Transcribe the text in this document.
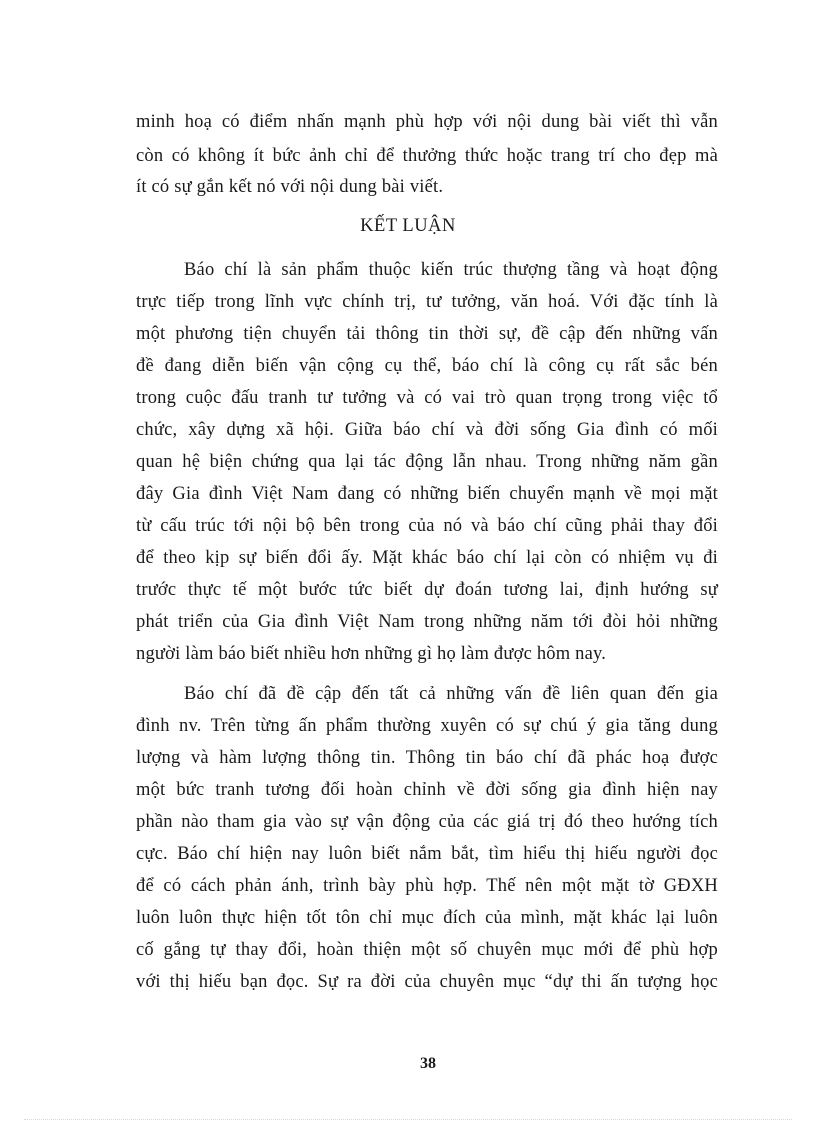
minh hoạ có điểm nhấn mạnh phù hợp với nội dung bài viết thì vẫn
còn có không ít bức ảnh chỉ để thưởng thức hoặc trang trí cho đẹp mà
ít có sự gắn kết nó với nội dung bài viết.
KẾT LUẬN
Báo chí là sản phẩm thuộc kiến trúc thượng tầng và hoạt động
trực tiếp trong lĩnh vực chính trị, tư tưởng, văn hoá. Với đặc tính là
một phương tiện chuyển tải thông tin thời sự, đề cập đến những vấn
đề đang diễn biến vận cộng cụ thể, báo chí là công cụ rất sắc bén
trong cuộc đấu tranh tư tưởng và có vai trò quan trọng trong việc tổ
chức, xây dựng xã hội. Giữa báo chí và đời sống Gia đình có mối
quan hệ biện chứng qua lại tác động lẫn nhau. Trong những năm gần
đây Gia đình Việt Nam đang có những biến chuyển mạnh về mọi mặt
từ cấu trúc tới nội bộ bên trong của nó và báo chí cũng phải thay đổi
để theo kịp sự biến đổi ấy. Mặt khác báo chí lại còn có nhiệm vụ đi
trước thực tế một bước tức biết dự đoán tương lai, định hướng sự
phát triển của Gia đình Việt Nam trong những năm tới đòi hỏi những
người làm báo biết nhiều hơn những gì họ làm được hôm nay.
Báo chí đã đề cập đến tất cả những vấn đề liên quan đến gia
đình nv. Trên từng ấn phẩm thường xuyên có sự chú ý gia tăng dung
lượng và hàm lượng thông tin. Thông tin báo chí đã phác hoạ được
một bức tranh tương đối hoàn chỉnh về đời sống gia đình hiện nay
phần nào tham gia vào sự vận động của các giá trị đó theo hướng tích
cực. Báo chí hiện nay luôn biết nắm bắt, tìm hiểu thị hiếu người đọc
để có cách phản ánh, trình bày phù hợp. Thế nên một mặt tờ GĐXH
luôn luôn thực hiện tốt tôn chỉ mục đích của mình, mặt khác lại luôn
cố gắng tự thay đổi, hoàn thiện một số chuyên mục mới để phù hợp
với thị hiếu bạn đọc. Sự ra đời của chuyên mục “dự thi ấn tượng học
38
